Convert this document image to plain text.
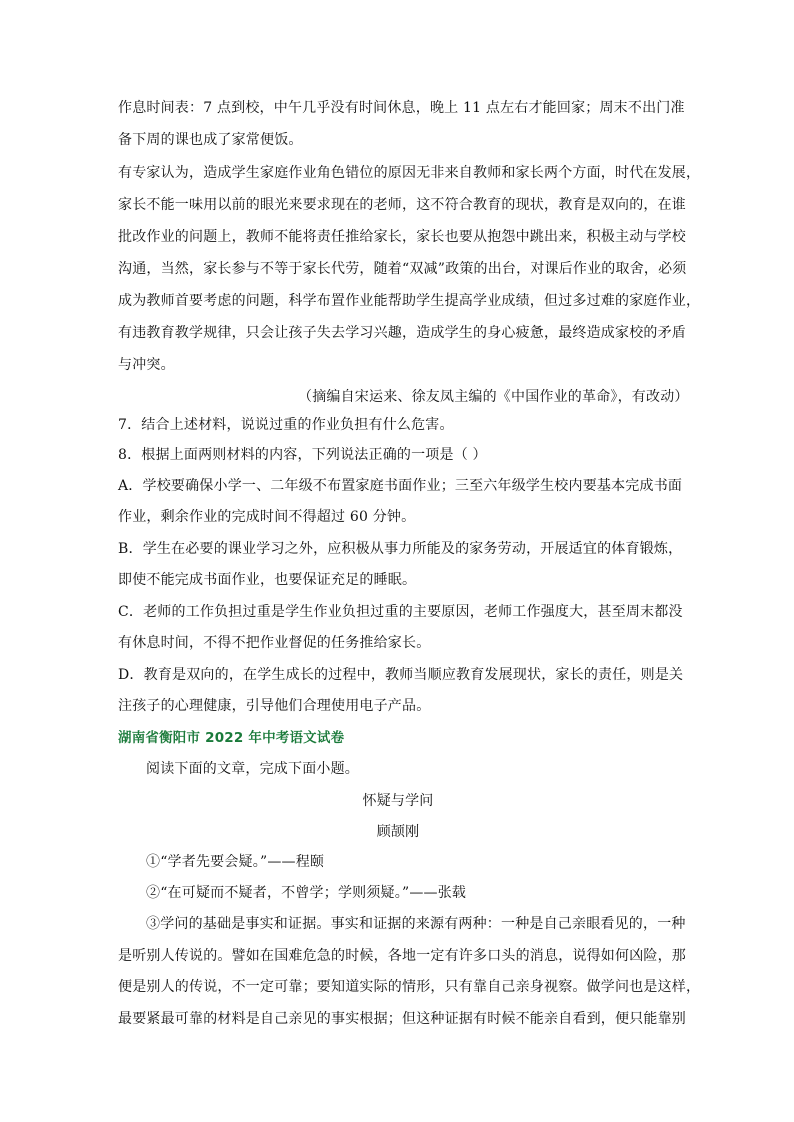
作息时间表：7 点到校，中午几乎没有时间休息，晚上 11 点左右才能回家；周末不出门准
备下周的课也成了家常便饭。
有专家认为，造成学生家庭作业角色错位的原因无非来自教师和家长两个方面，时代在发展，
家长不能一味用以前的眼光来要求现在的老师，这不符合教育的现状，教育是双向的，在谁
批改作业的问题上，教师不能将责任推给家长，家长也要从抱怨中跳出来，积极主动与学校
沟通，当然，家长参与不等于家长代劳，随着“双减”政策的出台，对课后作业的取舍，必须
成为教师首要考虑的问题，科学布置作业能帮助学生提高学业成绩，但过多过难的家庭作业，
有违教育教学规律，只会让孩子失去学习兴趣，造成学生的身心疲惫，最终造成家校的矛盾
与冲突。
（摘编自宋运来、徐友凤主编的《中国作业的革命》，有改动）
7．结合上述材料，说说过重的作业负担有什么危害。
8．根据上面两则材料的内容，下列说法正确的一项是（ ）
A．学校要确保小学一、二年级不布置家庭书面作业；三至六年级学生校内要基本完成书面
作业，剩余作业的完成时间不得超过 60 分钟。
B．学生在必要的课业学习之外，应积极从事力所能及的家务劳动，开展适宜的体育锻炼，
即使不能完成书面作业，也要保证充足的睡眠。
C．老师的工作负担过重是学生作业负担过重的主要原因，老师工作强度大，甚至周末都没
有休息时间，不得不把作业督促的任务推给家长。
D．教育是双向的，在学生成长的过程中，教师当顺应教育发展现状，家长的责任，则是关
注孩子的心理健康，引导他们合理使用电子产品。
湖南省衡阳市 2022 年中考语文试卷
阅读下面的文章，完成下面小题。
怀疑与学问
顾颉刚
①“学者先要会疑。”——程颐
②“在可疑而不疑者，不曾学；学则须疑。”——张载
③学问的基础是事实和证据。事实和证据的来源有两种：一种是自己亲眼看见的，一种
是听别人传说的。譬如在国难危急的时候，各地一定有许多口头的消息，说得如何凶险，那
便是别人的传说，不一定可靠；要知道实际的情形，只有靠自己亲身视察。做学问也是这样，
最要紧最可靠的材料是自己亲见的事实根据；但这种证据有时候不能亲自看到，便只能靠别
